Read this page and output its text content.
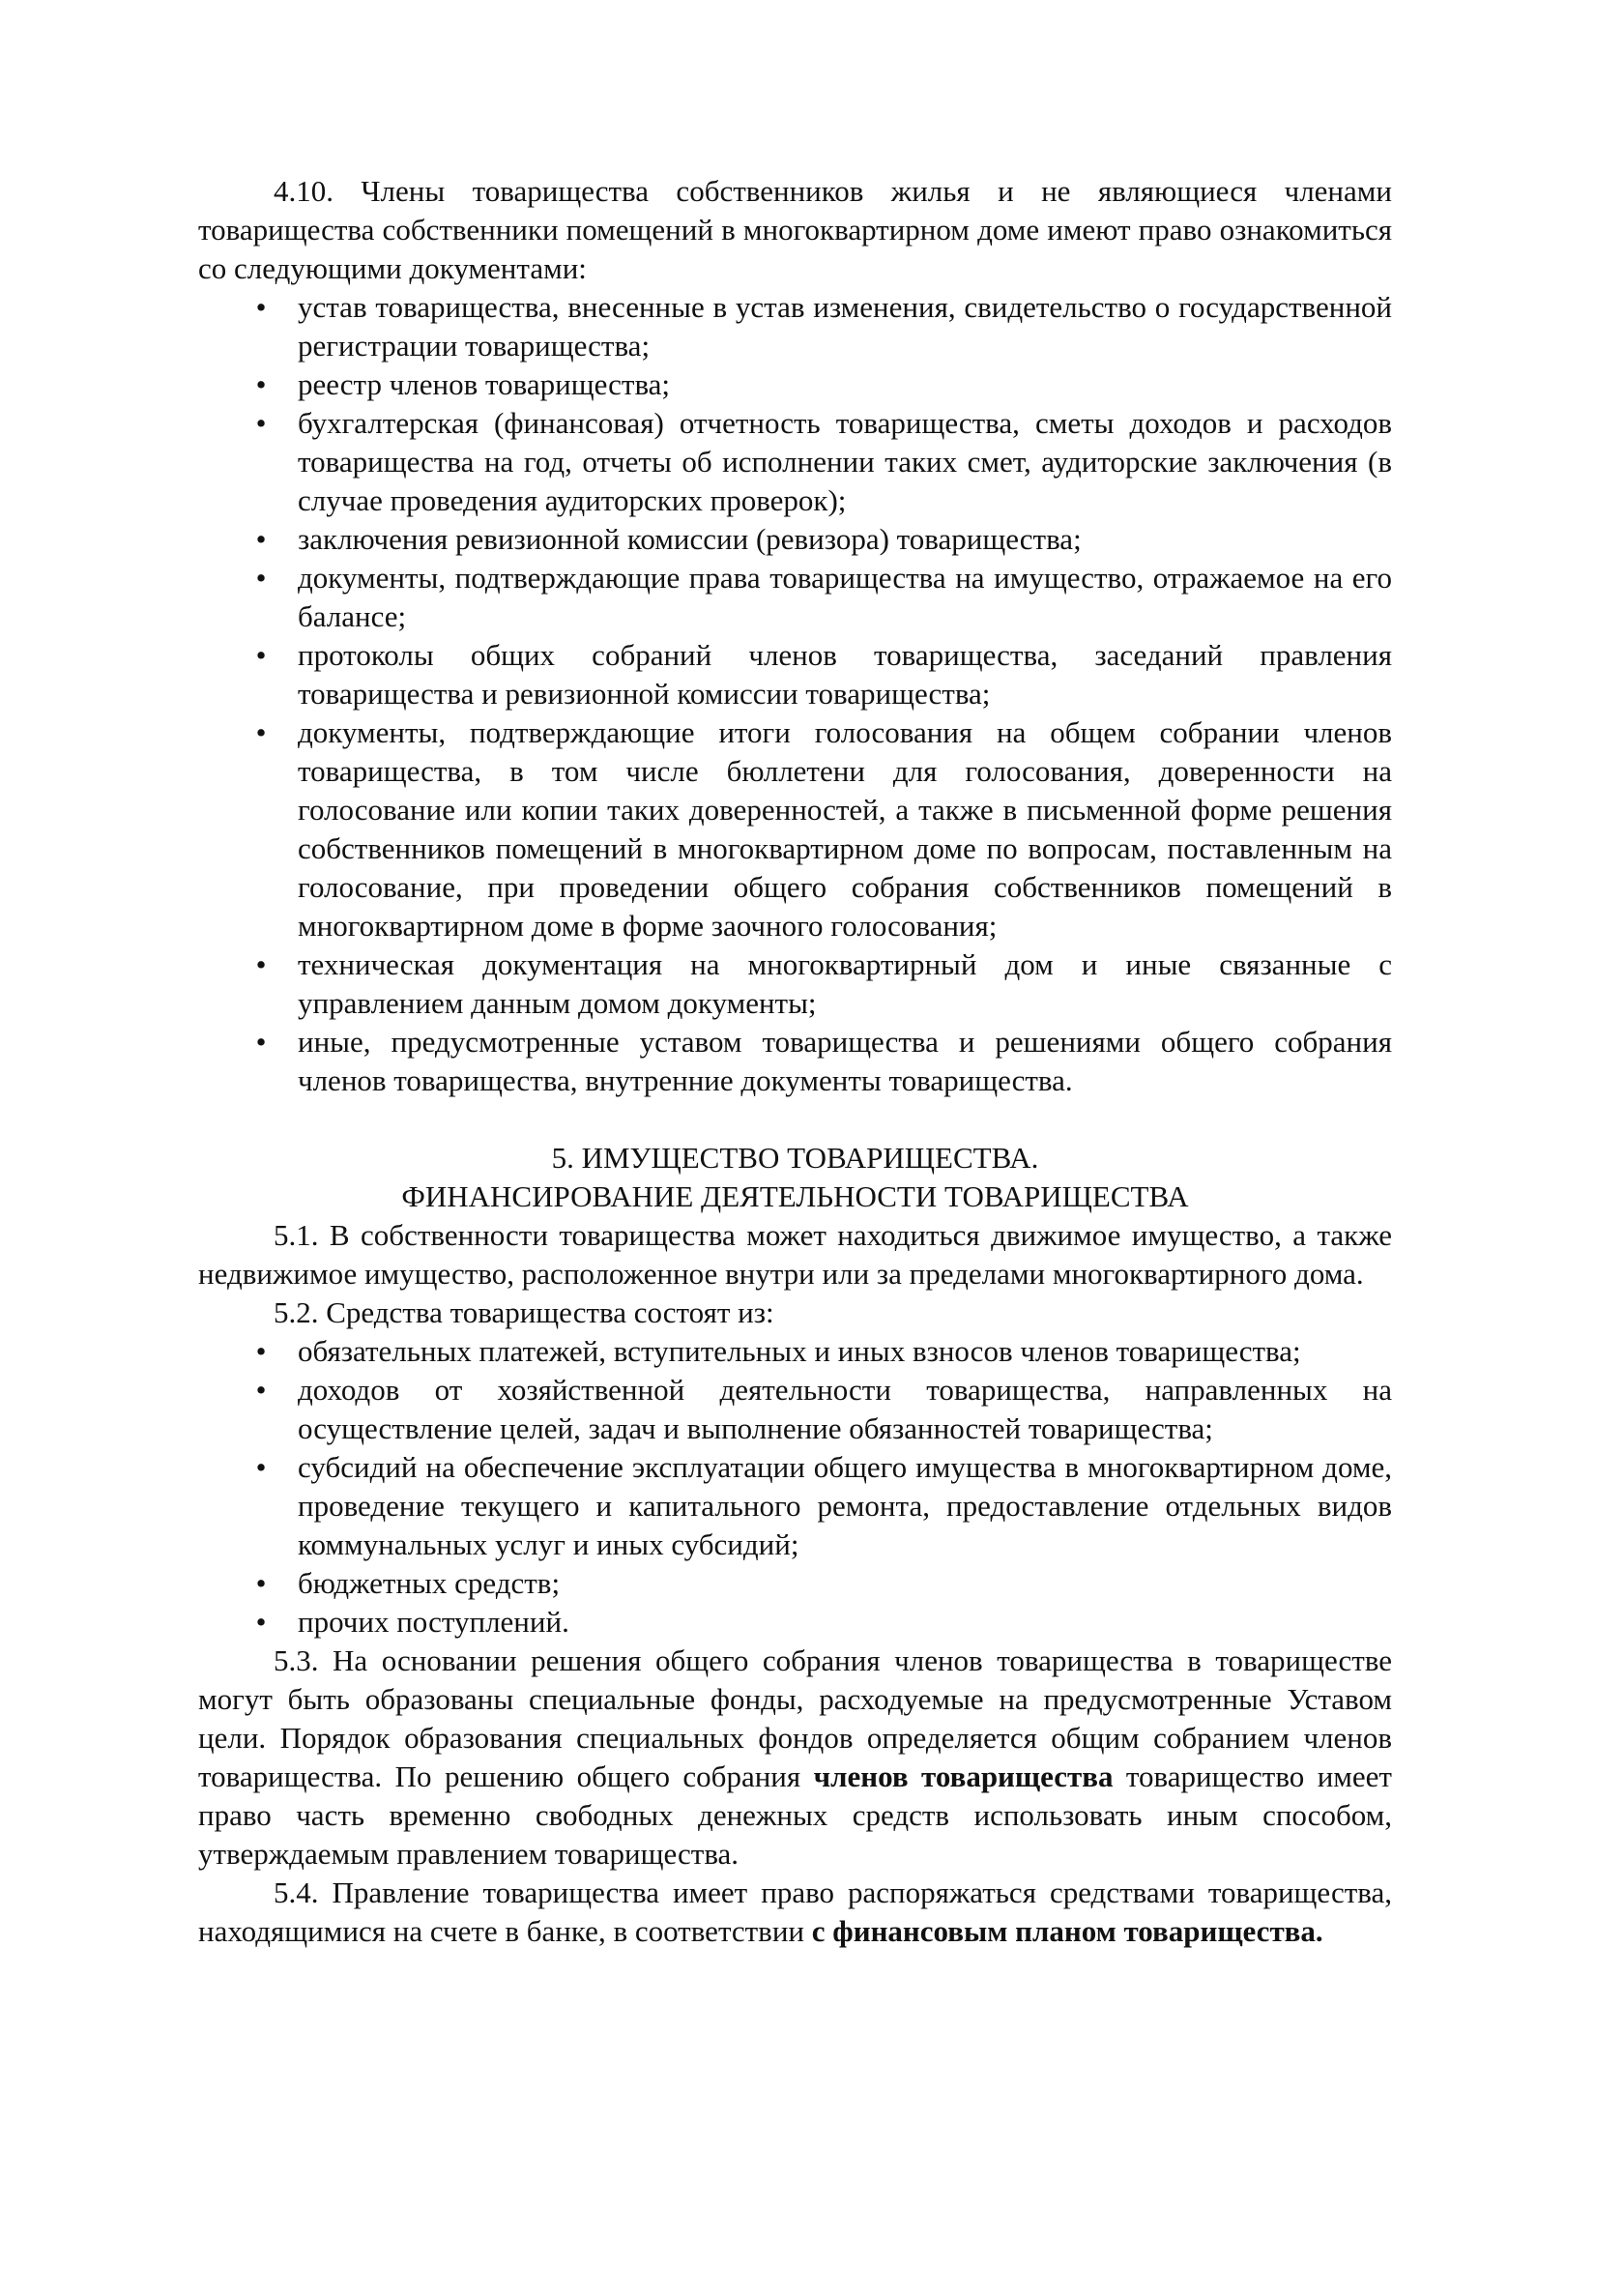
4.10. Члены товарищества собственников жилья и не являющиеся членами товарищества собственники помещений в многоквартирном доме имеют право ознакомиться со следующими документами:

•	устав товарищества, внесенные в устав изменения, свидетельство о государственной регистрации товарищества;
•	реестр членов товарищества;
•	бухгалтерская (финансовая) отчетность товарищества, сметы доходов и расходов товарищества на год, отчеты об исполнении таких смет, аудиторские заключения (в случае проведения аудиторских проверок);
•	заключения ревизионной комиссии (ревизора) товарищества;
•	документы, подтверждающие права товарищества на имущество, отражаемое на его балансе;
•	протоколы общих собраний членов товарищества, заседаний правления товарищества и ревизионной комиссии товарищества;
•	документы, подтверждающие итоги голосования на общем собрании членов товарищества, в том числе бюллетени для голосования, доверенности на голосование или копии таких доверенностей, а также в письменной форме решения собственников помещений в многоквартирном доме по вопросам, поставленным на голосование, при проведении общего собрания собственников помещений в многоквартирном доме в форме заочного голосования;
•	техническая документация на многоквартирный дом и иные связанные с управлением данным домом документы;
•	иные, предусмотренные уставом товарищества и решениями общего собрания членов товарищества, внутренние документы товарищества.

5. ИМУЩЕСТВО ТОВАРИЩЕСТВА.

ФИНАНСИРОВАНИЕ ДЕЯТЕЛЬНОСТИ ТОВАРИЩЕСТВА

5.1. В собственности товарищества может находиться движимое имущество, а также недвижимое имущество, расположенное внутри или за пределами многоквартирного дома.

5.2. Средства товарищества состоят из:

•	обязательных платежей, вступительных и иных взносов членов товарищества;
•	доходов от хозяйственной деятельности товарищества, направленных на осуществление целей, задач и выполнение обязанностей товарищества;
•	субсидий на обеспечение эксплуатации общего имущества в многоквартирном доме, проведение текущего и капитального ремонта, предоставление отдельных видов коммунальных услуг и иных субсидий;
•	бюджетных средств;
•	прочих поступлений.

5.3. На основании решения общего собрания членов товарищества в товариществе могут быть образованы специальные фонды, расходуемые на предусмотренные Уставом цели. Порядок образования специальных фондов определяется общим собранием членов товарищества. По решению общего собрания членов товарищества товарищество имеет право часть временно свободных денежных средств использовать иным способом, утверждаемым правлением товарищества.

5.4. Правление товарищества имеет право распоряжаться средствами товарищества, находящимися на счете в банке, в соответствии с финансовым планом товарищества.
